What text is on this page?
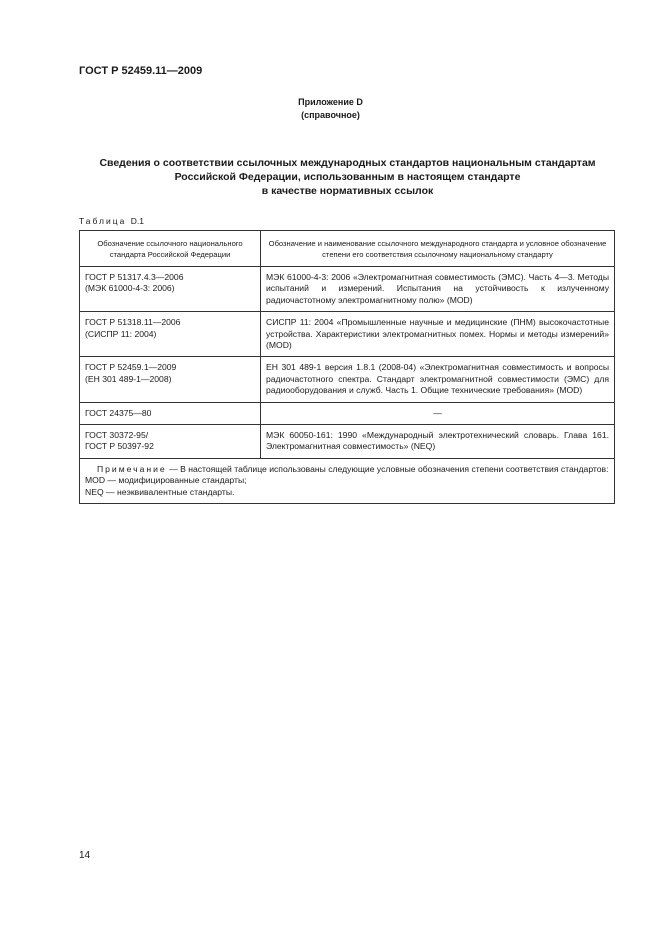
ГОСТ Р 52459.11—2009
Приложение D
(справочное)
Сведения о соответствии ссылочных международных стандартов национальным стандартам
Российской Федерации, использованным в настоящем стандарте
в качестве нормативных ссылок
Таблица D.1
Обозначение ссылочного национального стандарта Российской Федерации	Обозначение и наименование ссылочного международного стандарта и условное обозначение степени его соответствия ссылочному национальному стандарту

ГОСТ Р 51317.4.3—2006
(МЭК 61000-4-3: 2006)	МЭК 61000-4-3: 2006 «Электромагнитная совместимость (ЭМС). Часть 4—3. Методы испытаний и измерений. Испытания на устойчивость к излученному радиочастотному электромагнитному полю» (MOD)

ГОСТ Р 51318.11—2006
(СИСПР 11: 2004)	СИСПР 11: 2004 «Промышленные научные и медицинские (ПНМ) высокочастотные устройства. Характеристики электромагнитных помех. Нормы и методы измерений» (MOD)

ГОСТ Р 52459.1—2009
(ЕН 301 489-1—2008)	ЕН 301 489-1 версия 1.8.1 (2008-04) «Электромагнитная совместимость и вопросы радиочастотного спектра. Стандарт электромагнитной совместимости (ЭМС) для радиооборудования и служб. Часть 1. Общие технические требования» (MOD)

ГОСТ 24375—80	—

ГОСТ 30372-95/
ГОСТ Р 50397-92	МЭК 60050-161: 1990 «Международный электротехнический словарь. Глава 161. Электромагнитная совместимость» (NEQ)

Примечание — В настоящей таблице использованы следующие условные обозначения степени соответствия стандартов:
MOD — модифицированные стандарты;
NEQ — неэквивалентные стандарты.	
14
